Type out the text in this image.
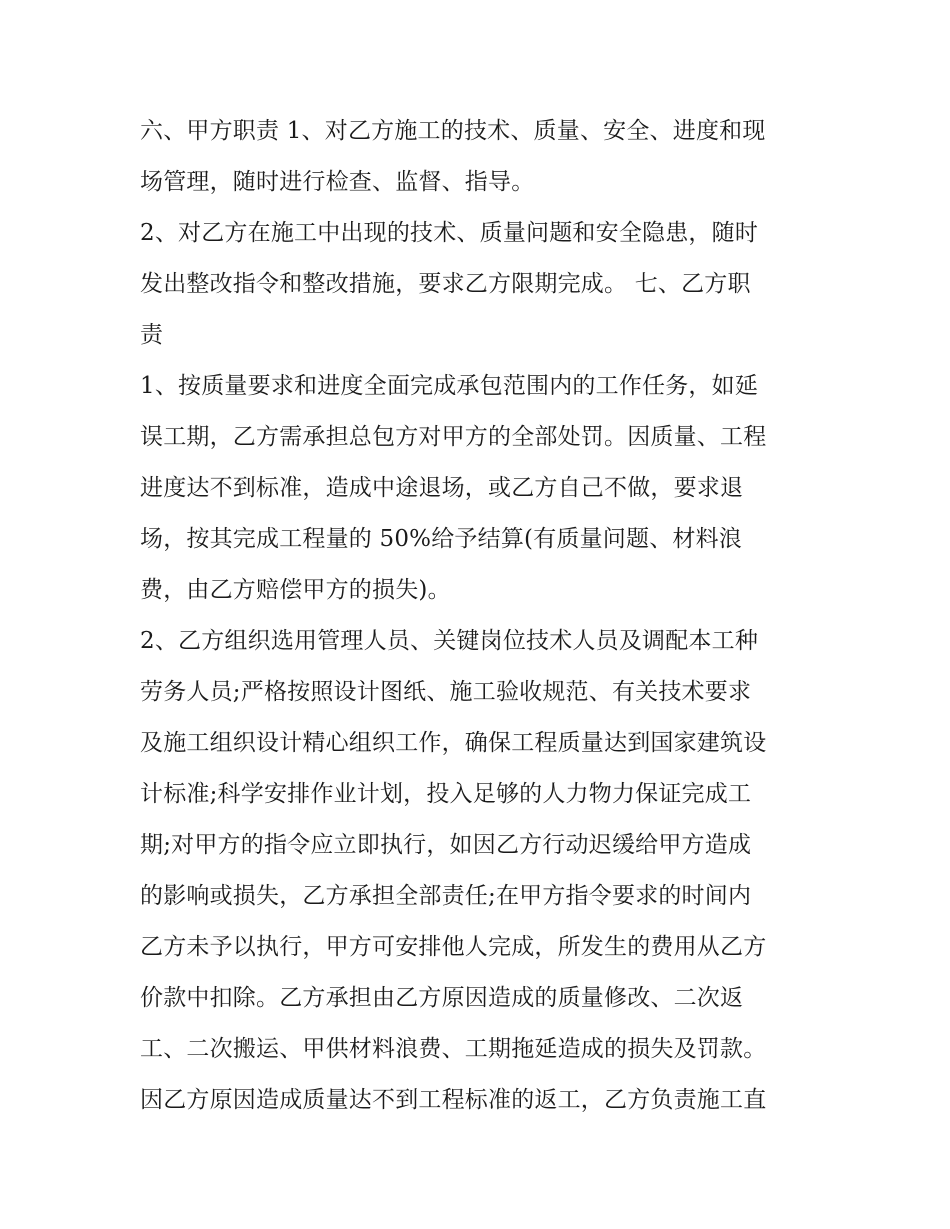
六、甲方职责 1、对乙方施工的技术、质量、安全、进度和现
场管理，随时进行检查、监督、指导。
2、对乙方在施工中出现的技术、质量问题和安全隐患，随时
发出整改指令和整改措施，要求乙方限期完成。 七、乙方职
责
1、按质量要求和进度全面完成承包范围内的工作任务，如延
误工期，乙方需承担总包方对甲方的全部处罚。因质量、工程
进度达不到标准，造成中途退场，或乙方自己不做，要求退
场，按其完成工程量的 50%给予结算(有质量问题、材料浪
费，由乙方赔偿甲方的损失)。
2、乙方组织选用管理人员、关键岗位技术人员及调配本工种
劳务人员;严格按照设计图纸、施工验收规范、有关技术要求
及施工组织设计精心组织工作，确保工程质量达到国家建筑设
计标准;科学安排作业计划，投入足够的人力物力保证完成工
期;对甲方的指令应立即执行，如因乙方行动迟缓给甲方造成
的影响或损失，乙方承担全部责任;在甲方指令要求的时间内
乙方未予以执行，甲方可安排他人完成，所发生的费用从乙方
价款中扣除。乙方承担由乙方原因造成的质量修改、二次返
工、二次搬运、甲供材料浪费、工期拖延造成的损失及罚款。
因乙方原因造成质量达不到工程标准的返工，乙方负责施工直
